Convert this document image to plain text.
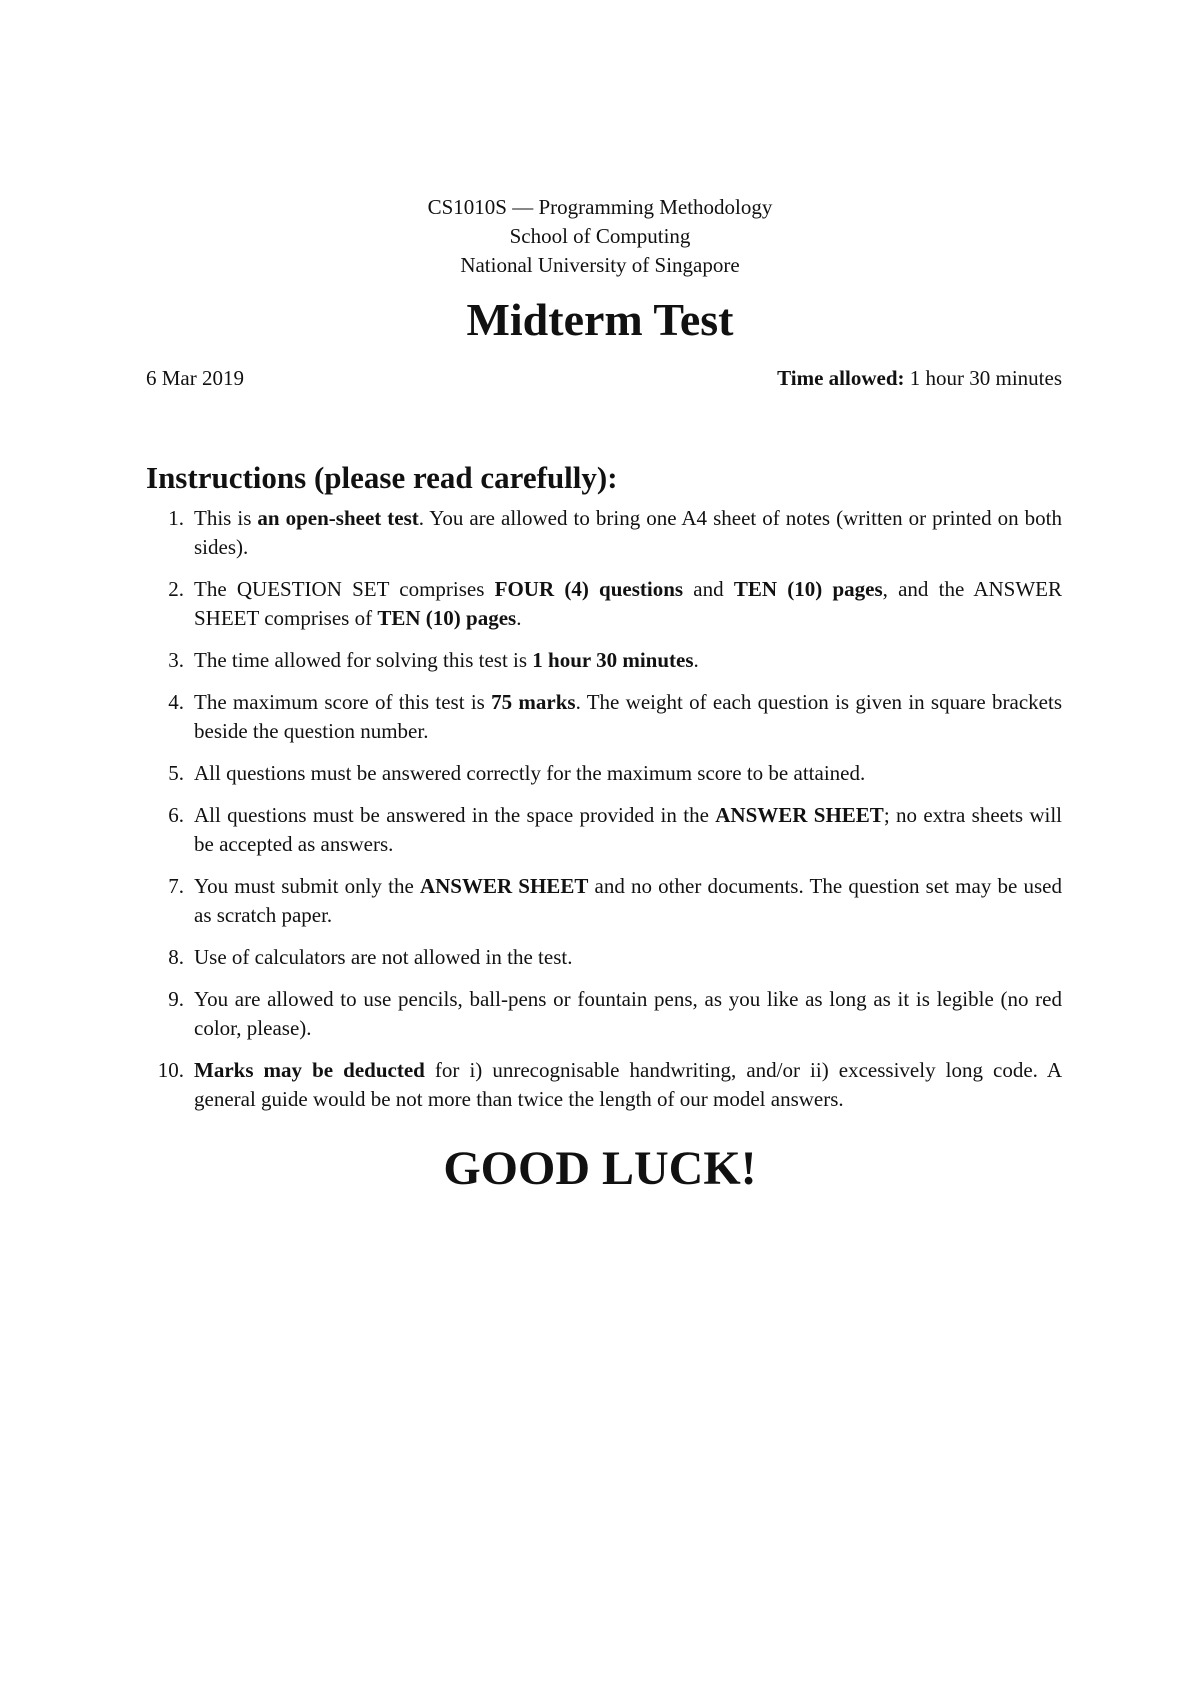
CS1010S — Programming Methodology
School of Computing
National University of Singapore
Midterm Test
6 Mar 2019	Time allowed: 1 hour 30 minutes
Instructions (please read carefully):
1. This is an open-sheet test. You are allowed to bring one A4 sheet of notes (written or printed on both sides).
2. The QUESTION SET comprises FOUR (4) questions and TEN (10) pages, and the ANSWER SHEET comprises of TEN (10) pages.
3. The time allowed for solving this test is 1 hour 30 minutes.
4. The maximum score of this test is 75 marks. The weight of each question is given in square brackets beside the question number.
5. All questions must be answered correctly for the maximum score to be attained.
6. All questions must be answered in the space provided in the ANSWER SHEET; no extra sheets will be accepted as answers.
7. You must submit only the ANSWER SHEET and no other documents. The question set may be used as scratch paper.
8. Use of calculators are not allowed in the test.
9. You are allowed to use pencils, ball-pens or fountain pens, as you like as long as it is legible (no red color, please).
10. Marks may be deducted for i) unrecognisable handwriting, and/or ii) excessively long code. A general guide would be not more than twice the length of our model answers.
GOOD LUCK!
